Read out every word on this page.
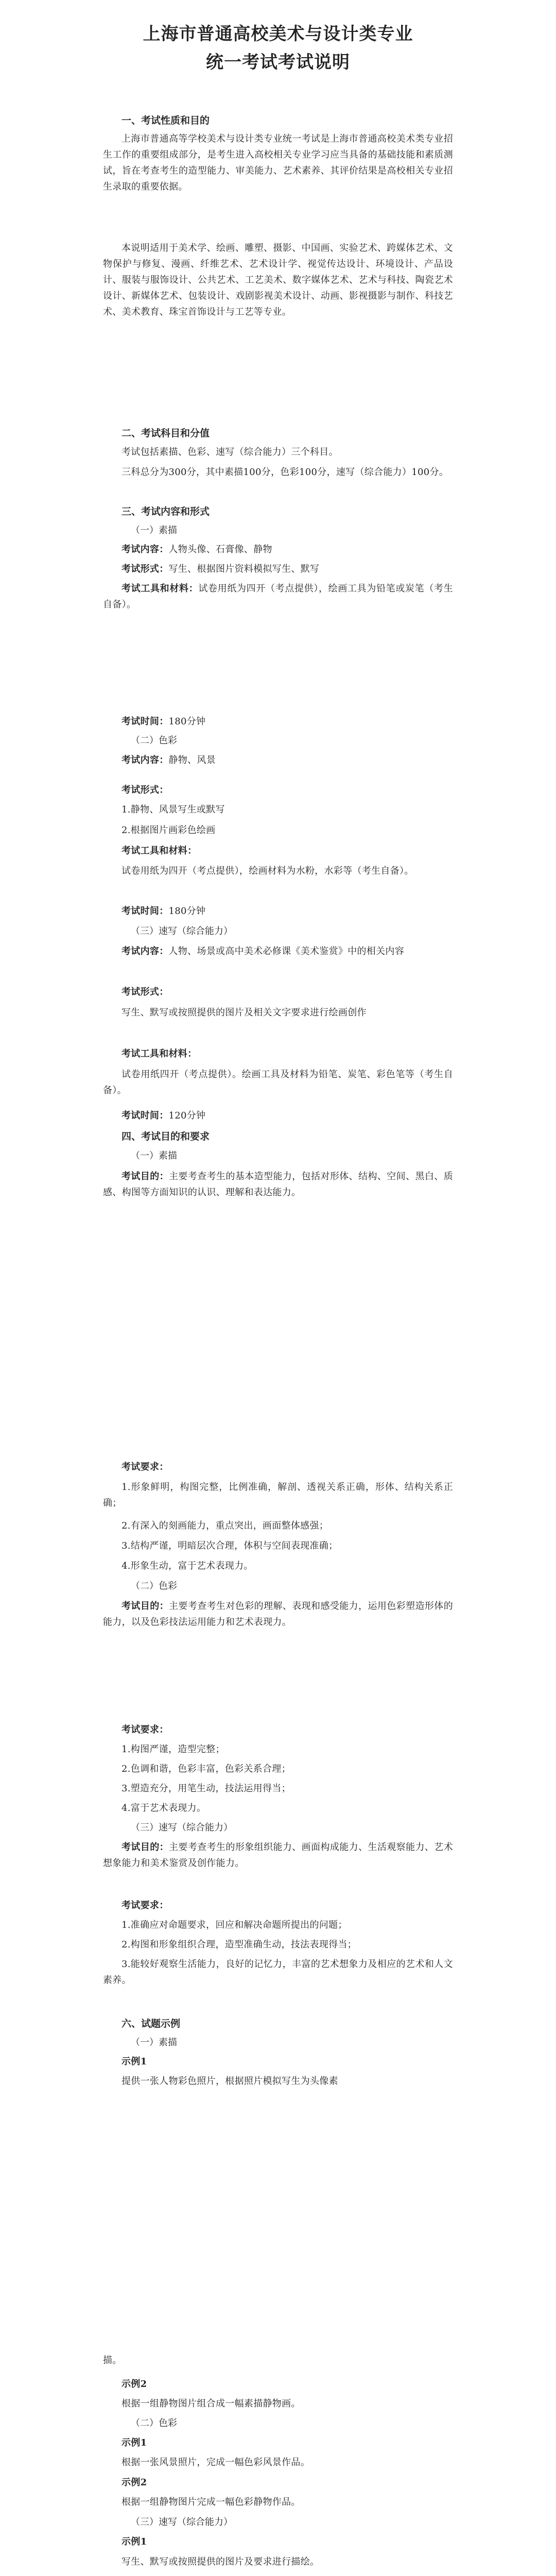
上海市普通高校美术与设计类专业
统一考试考试说明
一、考试性质和目的

上海市普通高等学校美术与设计类专业统一考试是上海市普通高校美术类专业招生工作的重要组成部分，是考生进入高校相关专业学习应当具备的基础技能和素质测试，旨在考查考生的造型能力、审美能力、艺术素养、其评价结果是高校相关专业招生录取的重要依据。

本说明适用于美术学、绘画、雕塑、摄影、中国画、实验艺术、跨媒体艺术、文物保护与修复、漫画、纤维艺术、艺术设计学、视觉传达设计、环境设计、产品设计、服装与服饰设计、公共艺术、工艺美术、数字媒体艺术、艺术与科技、陶瓷艺术设计、新媒体艺术、包装设计、戏剧影视美术设计、动画、影视摄影与制作、科技艺术、美术教育、珠宝首饰设计与工艺等专业。

二、考试科目和分值

考试包括素描、色彩、速写（综合能力）三个科目。

三科总分为300分，其中素描100分，色彩100分，速写（综合能力）100分。

三、考试内容和形式
（一）素描

考试内容：人物头像、石膏像、静物

考试形式：写生、根据图片资料模拟写生、默写

考试工具和材料：试卷用纸为四开（考点提供），绘画工具为铅笔或炭笔（考生自备）。

考试时间：180分钟

（二）色彩

考试内容：静物、风景

考试形式：

1.静物、风景写生或默写

2.根据图片画彩色绘画

考试工具和材料：

试卷用纸为四开（考点提供），绘画材料为水粉，水彩等（考生自备）。

考试时间：180分钟

（三）速写（综合能力）

考试内容：人物、场景或高中美术必修课《美术鉴赏》中的相关内容

考试形式：

写生、默写或按照提供的图片及相关文字要求进行绘画创作

考试工具和材料：

试卷用纸四开（考点提供）。绘画工具及材料为铅笔、炭笔、彩色笔等（考生自备）。

考试时间：120分钟

四、考试目的和要求
（一）素描

考试目的：主要考查考生的基本造型能力，包括对形体、结构、空间、黑白、质感、构图等方面知识的认识、理解和表达能力。

考试要求：

1.形象鲜明，构图完整，比例准确，解剖、透视关系正确，形体、结构关系正确；

2.有深入的刻画能力，重点突出，画面整体感强；

3.结构严谨，明暗层次合理，体积与空间表现准确；

4.形象生动，富于艺术表现力。

（二）色彩

考试目的：主要考查考生对色彩的理解、表现和感受能力，运用色彩塑造形体的能力，以及色彩技法运用能力和艺术表现力。

考试要求：

1.构图严谨，造型完整；

2.色调和谐，色彩丰富，色彩关系合理；

3.塑造充分，用笔生动，技法运用得当；

4.富于艺术表现力。

（三）速写（综合能力）

考试目的：主要考查考生的形象组织能力、画面构成能力、生活观察能力、艺术想象能力和美术鉴赏及创作能力。

考试要求：

1.准确应对命题要求，回应和解决命题所提出的问题；

2.构图和形象组织合理，造型准确生动，技法表现得当；

3.能较好观察生活能力，良好的记忆力，丰富的艺术想象力及相应的艺术和人文素养。

六、试题示例
（一）素描

示例1

提供一张人物彩色照片，根据照片模拟写生为头像素

描。

示例2

根据一组静物图片组合成一幅素描静物画。

（二）色彩

示例1

根据一张风景照片，完成一幅色彩风景作品。

示例2

根据一组静物图片完成一幅色彩静物作品。

（三）速写（综合能力）

示例1

写生、默写或按照提供的图片及要求进行描绘。
